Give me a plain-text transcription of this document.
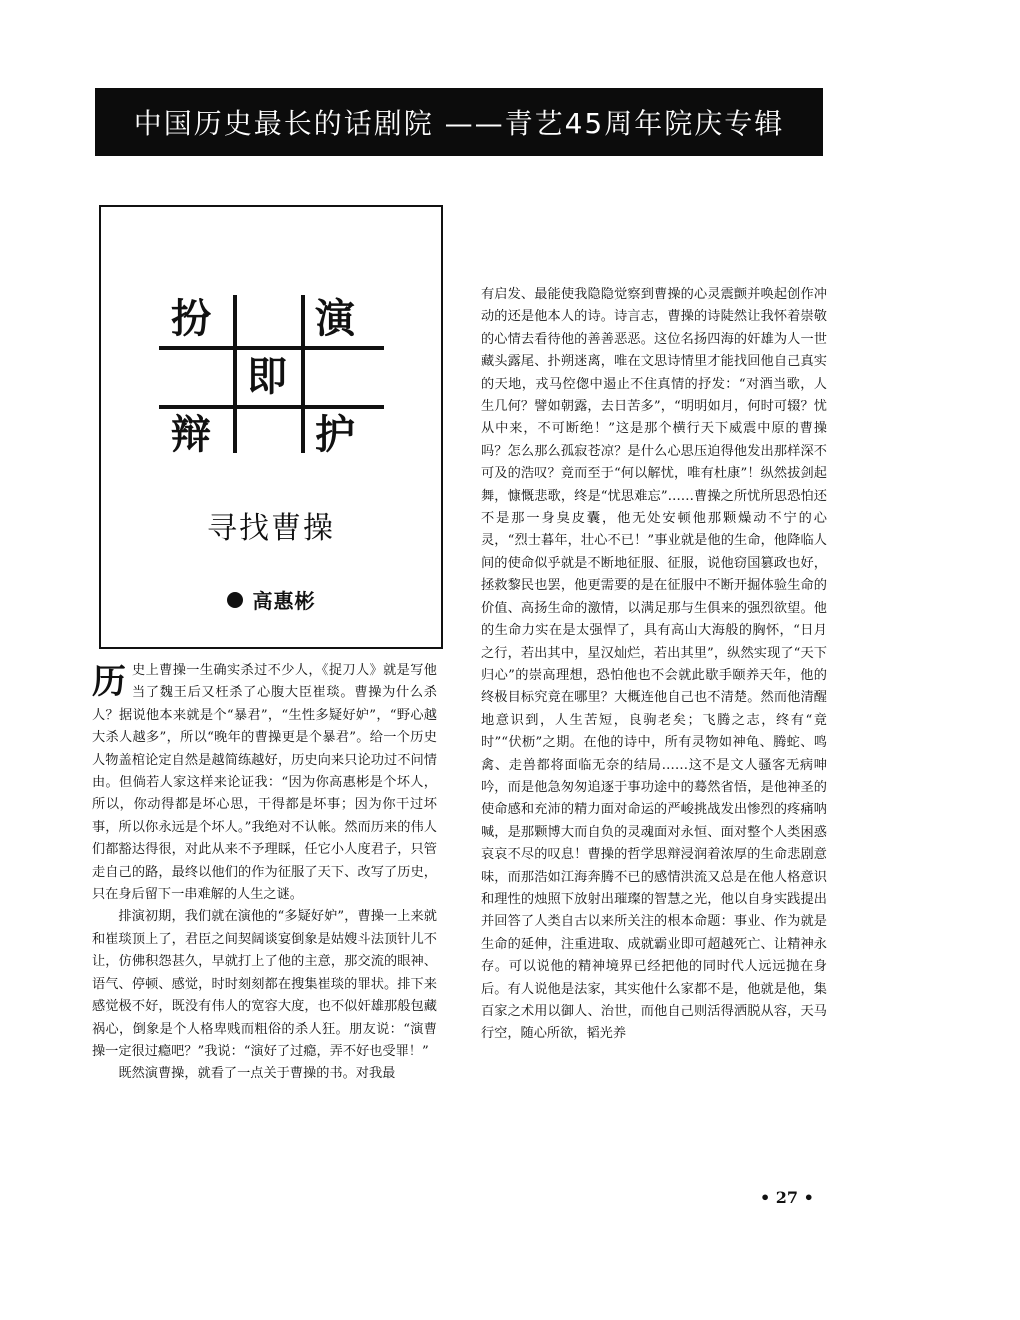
中国历史最长的话剧院 ——青艺45周年院庆专辑
扮	演
即
辩	护
寻找曹操
高惠彬

历史上曹操一生确实杀过不少人，《捉刀人》就是写他当了魏王后又枉杀了心腹大臣崔琰。曹操为什么杀人？据说他本来就是个“暴君”，“生性多疑好妒”，“野心越大杀人越多”，所以“晚年的曹操更是个暴君”。给一个历史人物盖棺论定自然是越简练越好，历史向来只论功过不问情由。但倘若人家这样来论证我：“因为你高惠彬是个坏人，所以，你动得都是坏心思，干得都是坏事；因为你干过坏事，所以你永远是个坏人。”我绝对不认帐。然而历来的伟人们都豁达得很，对此从来不予理睬，任它小人度君子，只管走自己的路，最终以他们的作为征服了天下、改写了历史，只在身后留下一串难解的人生之谜。

排演初期，我们就在演他的“多疑好妒”，曹操一上来就和崔琰顶上了，君臣之间契阔谈宴倒象是姑嫂斗法顶针儿不让，仿佛积怨甚久，早就打上了他的主意，那交流的眼神、语气、停顿、感觉，时时刻刻都在搜集崔琰的罪状。排下来感觉极不好，既没有伟人的宽容大度，也不似奸雄那般包藏祸心，倒象是个人格卑贱而粗俗的杀人狂。朋友说：“演曹操一定很过瘾吧？”我说：“演好了过瘾，弄不好也受罪！”

既然演曹操，就看了一点关于曹操的书。对我最

有启发、最能使我隐隐觉察到曹操的心灵震颤并唤起创作冲动的还是他本人的诗。诗言志，曹操的诗陡然让我怀着崇敬的心情去看待他的善善恶恶。这位名扬四海的奸雄为人一世藏头露尾、扑朔迷离，唯在文思诗情里才能找回他自己真实的天地，戎马倥偬中遏止不住真情的抒发：“对酒当歌，人生几何？譬如朝露，去日苦多”，“明明如月，何时可辍？忧从中来，不可断绝！”这是那个横行天下威震中原的曹操吗？怎么那么孤寂苍凉？是什么心思压迫得他发出那样深不可及的浩叹？竟而至于“何以解忧，唯有杜康”！纵然拔剑起舞，慷慨悲歌，终是“忧思难忘”……曹操之所忧所思恐怕还不是那一身臭皮囊，他无处安顿他那颗燥动不宁的心灵，“烈士暮年，壮心不已！”事业就是他的生命，他降临人间的使命似乎就是不断地征服、征服，说他窃国篡政也好，拯救黎民也罢，他更需要的是在征服中不断开掘体验生命的价值、高扬生命的激情，以满足那与生俱来的强烈欲望。他的生命力实在是太强悍了，具有高山大海般的胸怀，“日月之行，若出其中，星汉灿烂，若出其里”，纵然实现了“天下归心”的崇高理想，恐怕他也不会就此歇手颐养天年，他的终极目标究竟在哪里？大概连他自己也不清楚。然而他清醒地意识到，人生苦短，良驹老矣；飞腾之志，终有“竟时”“伏枥”之期。在他的诗中，所有灵物如神龟、腾蛇、鸣禽、走兽都将面临无奈的结局……这不是文人骚客无病呻吟，而是他急匆匆追逐于事功途中的蓦然省悟，是他神圣的使命感和充沛的精力面对命运的严峻挑战发出惨烈的疼痛呐喊，是那颗博大而自负的灵魂面对永恒、面对整个人类困惑哀哀不尽的叹息！曹操的哲学思辩浸润着浓厚的生命悲剧意味，而那浩如江海奔腾不已的感情洪流又总是在他人格意识和理性的烛照下放射出璀璨的智慧之光，他以自身实践提出并回答了人类自古以来所关注的根本命题：事业、作为就是生命的延伸，注重进取、成就霸业即可超越死亡、让精神永存。可以说他的精神境界已经把他的同时代人远远抛在身后。有人说他是法家，其实他什么家都不是，他就是他，集百家之术用以御人、治世，而他自己则活得洒脱从容，天马行空，随心所欲，韬光养

• 27 •
